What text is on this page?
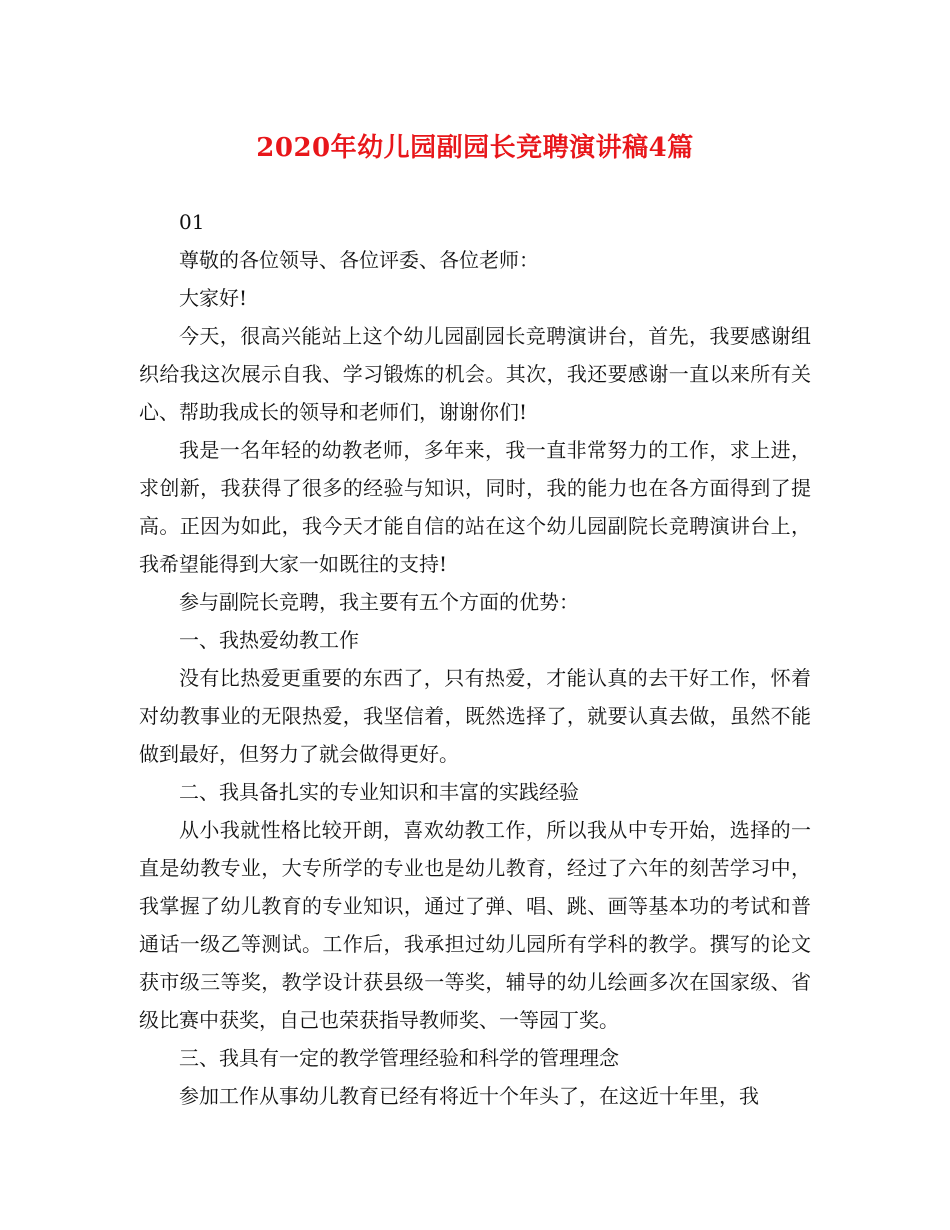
2020年幼儿园副园长竞聘演讲稿4篇

01

尊敬的各位领导、各位评委、各位老师：

大家好!

今天，很高兴能站上这个幼儿园副园长竞聘演讲台，首先，我要感谢组织给我这次展示自我、学习锻炼的机会。其次，我还要感谢一直以来所有关心、帮助我成长的领导和老师们，谢谢你们!

我是一名年轻的幼教老师，多年来，我一直非常努力的工作，求上进，求创新，我获得了很多的经验与知识，同时，我的能力也在各方面得到了提高。正因为如此，我今天才能自信的站在这个幼儿园副院长竞聘演讲台上，我希望能得到大家一如既往的支持!

参与副院长竞聘，我主要有五个方面的优势：

一、我热爱幼教工作

没有比热爱更重要的东西了，只有热爱，才能认真的去干好工作，怀着对幼教事业的无限热爱，我坚信着，既然选择了，就要认真去做，虽然不能做到最好，但努力了就会做得更好。

二、我具备扎实的专业知识和丰富的实践经验

从小我就性格比较开朗，喜欢幼教工作，所以我从中专开始，选择的一直是幼教专业，大专所学的专业也是幼儿教育，经过了六年的刻苦学习中，我掌握了幼儿教育的专业知识，通过了弹、唱、跳、画等基本功的考试和普通话一级乙等测试。工作后，我承担过幼儿园所有学科的教学。撰写的论文获市级三等奖，教学设计获县级一等奖，辅导的幼儿绘画多次在国家级、省级比赛中获奖，自己也荣获指导教师奖、一等园丁奖。

三、我具有一定的教学管理经验和科学的管理理念

参加工作从事幼儿教育已经有将近十个年头了，在这近十年里，我
